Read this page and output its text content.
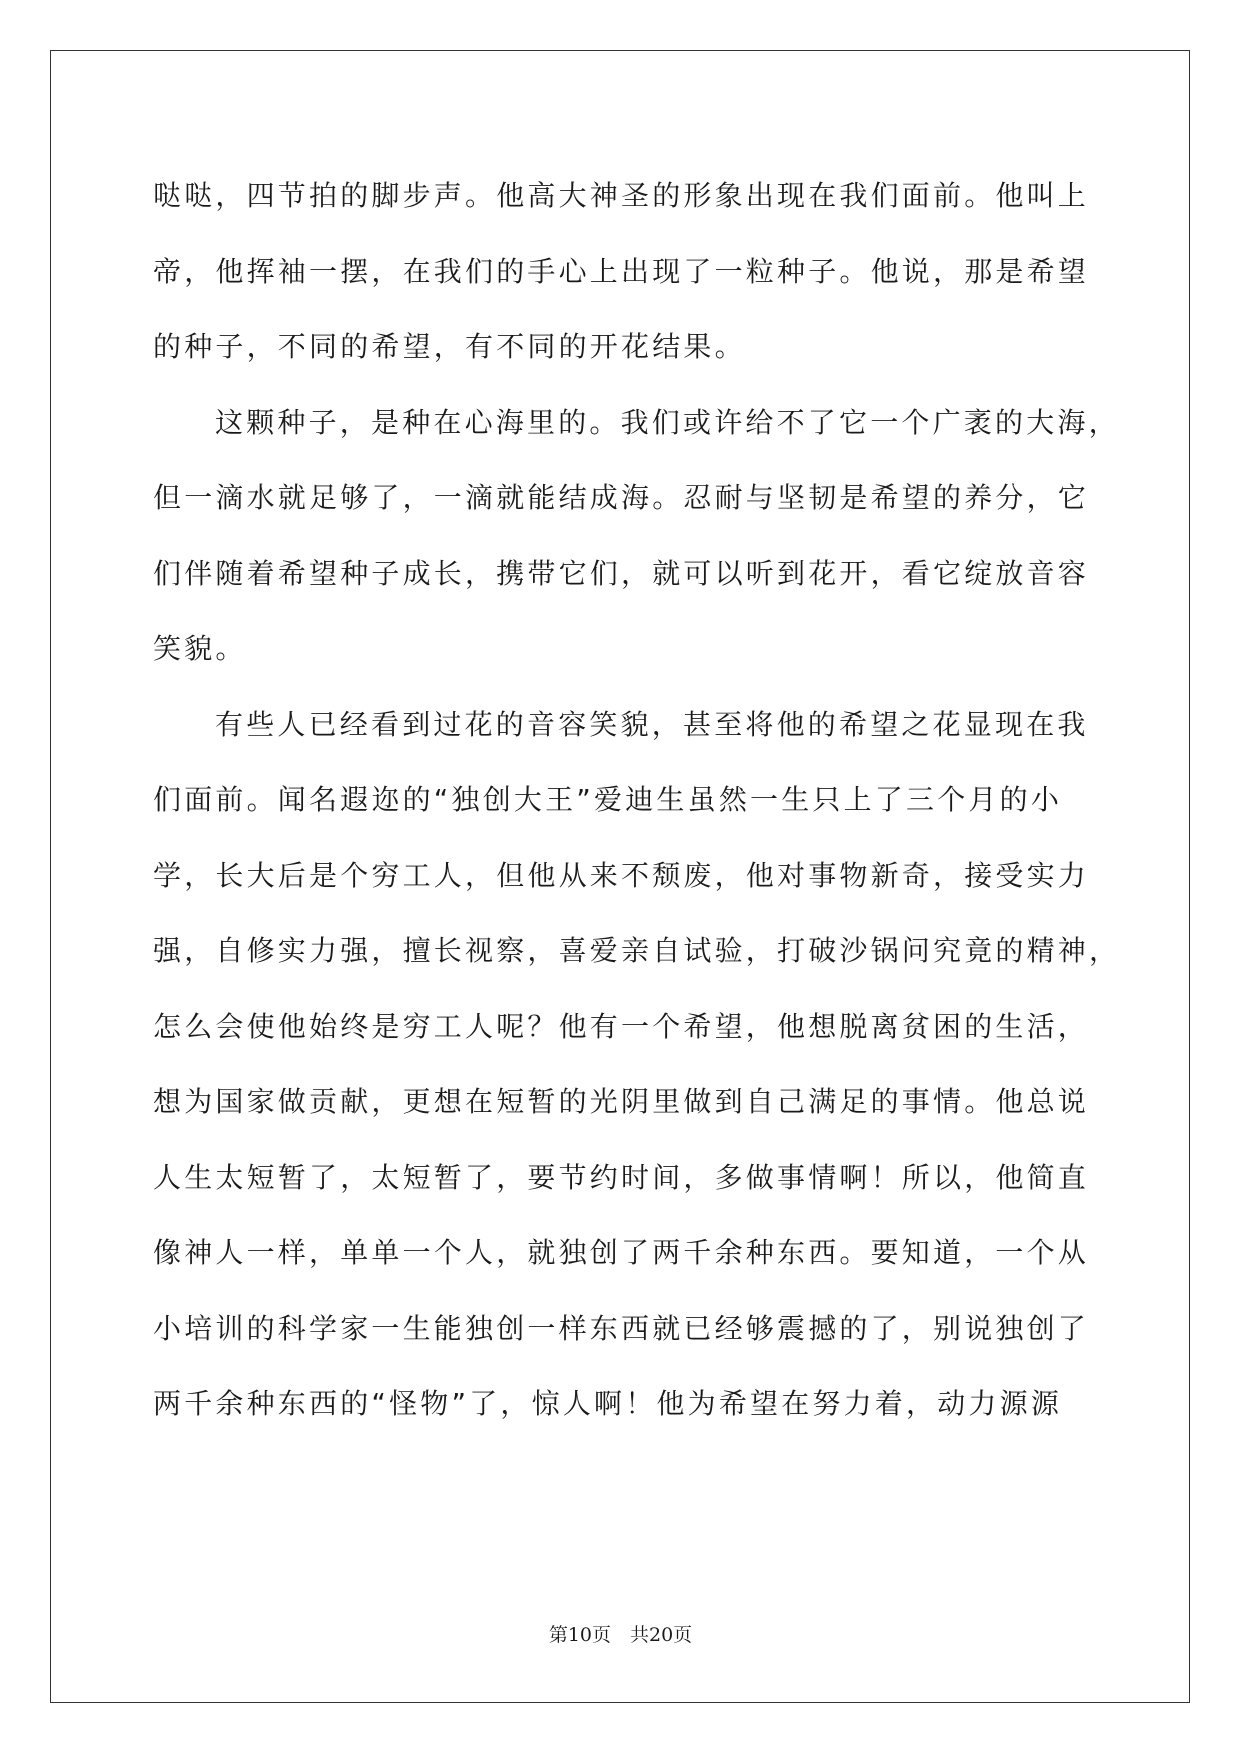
哒哒，四节拍的脚步声。他高大神圣的形象出现在我们面前。他叫上
帝，他挥袖一摆，在我们的手心上出现了一粒种子。他说，那是希望
的种子，不同的希望，有不同的开花结果。
这颗种子，是种在心海里的。我们或许给不了它一个广袤的大海，
但一滴水就足够了，一滴就能结成海。忍耐与坚韧是希望的养分，它
们伴随着希望种子成长，携带它们，就可以听到花开，看它绽放音容
笑貌。
有些人已经看到过花的音容笑貌，甚至将他的希望之花显现在我
们面前。闻名遐迩的“独创大王”爱迪生虽然一生只上了三个月的小
学，长大后是个穷工人，但他从来不颓废，他对事物新奇，接受实力
强，自修实力强，擅长视察，喜爱亲自试验，打破沙锅问究竟的精神，
怎么会使他始终是穷工人呢？他有一个希望，他想脱离贫困的生活，
想为国家做贡献，更想在短暂的光阴里做到自己满足的事情。他总说
人生太短暂了，太短暂了，要节约时间，多做事情啊！所以，他简直
像神人一样，单单一个人，就独创了两千余种东西。要知道，一个从
小培训的科学家一生能独创一样东西就已经够震撼的了，别说独创了
两千余种东西的“怪物”了，惊人啊！他为希望在努力着，动力源源
第10页　共20页
